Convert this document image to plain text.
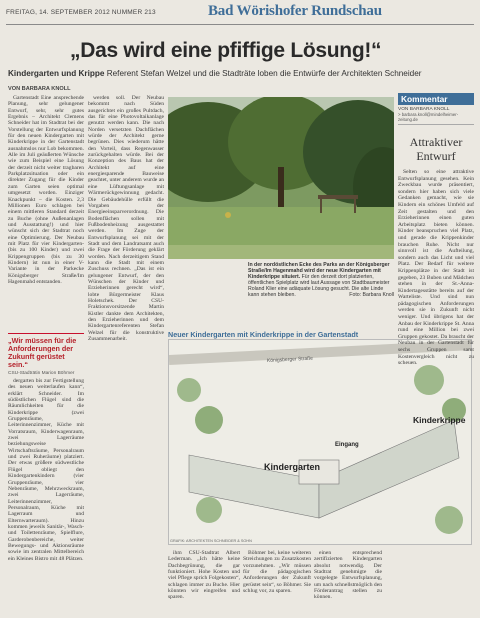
FREITAG, 14. SEPTEMBER 2012 NUMMER 213	Bad Wörishofer Rundschau
„Das wird eine pfiffige Lösung!“
Kindergarten und Krippe Referent Stefan Welzel und die Stadträte loben die Entwürfe der Architekten Schneider
VON BARBARA KNOLL

Gartenstadt Eine ansprechende Planung, sehr gelungener Entwurf, sehr, sehr gutes Ergebnis – Architekt Clemens Schneider hat im Stadtrat bei der Vorstellung der Entwurfsplanung für den neuen Kindergarten mit Kinderkrippe in der Gartenstadt ausnahmslos nur Lob bekommen. Alle im Juli geäußerten Wünsche wie zum Beispiel eine Lösung der derzeit nicht weiter tragbaren Parkplatzsituation oder ein direkter Zugang für die Kinder zum Garten seien optimal umgesetzt worden. Einziger Knackpunkt – die Kosten. 2,3 Millionen Euro schlagen bei einem mittleren Standard derzeit zu Buche (ohne Außenanlagen und Ausstattung!) und hier wünscht sich der Stadtrat noch eine Optimierung. Der Neubau mit Platz für vier Kindergarten- (bis zu 100 Kinder) und zwei Krippengruppen (bis zu 30 Kindern) ist nun in einer V-Variante in der Parkecke Königsberger Straße/Im Hagenmahd entstanden.

„Wir müssen für die Anforderungen der Zukunft gerüstet sein.“
CSU-Stadträtin Marion Böhmer

dergarten bis zur Fertigstellung des neuen weiterlaufen kann“, erklärt Schneider. Im südöstlichen Flügel sind die Räumlichkeiten für die Kinderkrippe (zwei Gruppenräume, Leiterinnenzimmer, Küche mit Vorratsraum, Kinderwagenraum, zwei Lagerräume beziehungsweise Wirtschaftsräume, Personalraum und zwei Ruheräume) platziert. Der etwas größere südwestliche Flügel obliegt den Kindergartenkindern (vier Gruppenräume, vier Nebenräume, Mehrzweckraum, zwei Lagerräume, Leiterinnenzimmer, Personalraum, Küche mit Lagerraum und Elternwarteraum). Hinzu kommen jeweils Sanitär-, Wasch- und Toilettenräume, Spielflure, Garderobenbereiche, weiter Bewegungs- und Aktionsräume sowie im zentralen Mittelbereich ein Kleines Bistro mit 48 Plätzen.

werden soll. Der Neubau bekommt nach Süden ausgerichtet ein großes Pultdach, das für eine Photovoltaikanlage genutzt werden kann. Die nach Norden versetzten Dachflächen würde der Architekt gerne begrünen. Dies wiederum hätte den Vorteil, dass Regenwasser zurückgehalten würde. Bei der Konzeption des Baus hat der Architekt auf eine energiesparende Bauweise geachtet, unter anderem wurde an eine Lüftungsanlage mit Wärmerückgewinnung gedacht. Die Gebäudehülle erfüllt die Vorgaben der Energieeinsparverordnung. Die Bodenflächen sollen mit Fußbodenheizung ausgestattet werden. Im Zuge der Entwurfsplanung sei mit der Stadt und dem Landratsamt auch die Frage der Förderung geklärt worden. Nach derzeitigem Stand kann die Stadt mit einem Zuschuss rechnen. „Das ist ein gelungener Entwurf, der den Wünschen der Kinder und Erzieherinnen gerecht wird“, lobte Bürgermeister Klaus Holetschek. Der CSU-Fraktionsvorsitzende Martin Kistler dankte dem Architekten, den Erzieherinnen und dem Kindergartenreferenten Stefan Welzel für die konstruktive Zusammenarbeit.

In der nordöstlichen Ecke des Parks an der Königsberger Straße/Im Hagenmahd wird der neue Kindergarten mit Kinderkrippe situiert. Für den derzeit dort platzierten, öffentlichen Spielplatz wird laut Aussage von Stadtbaumeister Roland Klier eine adäquate Lösung gesucht. Die alte Linde kann stehen bleiben.	Foto: Barbara Knoll
Neuer Kindergarten mit Kinderkrippe in der Gartenstadt
Königsberger Straße
Kindergarten
Eingang
Kinderkrippe
GRAFIK: ARCHITEKTEN SCHNEIDER & SOHN

ihm CSU-Stadtrat Albert Lederman. „Ich hätte keine Dachbegrünung, die gar funktioniert. Hohe Kosten und viel Pflege sprich Folgekosten“, schlagen immer zu Buche. Hier könnten wir eingreifen und sparen.

Böhmer bei, keine weiteren Streichungen zu Zusatzkosten vorzunehmen. „Wir müssen für die pädagogischen Anforderungen der Zukunft gerüstet sein“, so Böhmer. Sie schlug vor, zu sparen.

einen entsprechend zertifizierten Kindergarten absolut notwendig. Der Stadtrat genehmigte die vorgelegte Entwurfsplanung, um nach schnellstmöglich den Förderantrag stellen zu können.

Kommentar
VON BARBARA KNOLL
> barbara.knoll@mindelheimer-zeitung.de
Attraktiver Entwurf

Selten so eine attraktive Entwurfsplanung gesehen. Kein Zweckbau wurde präsentiert, sondern hier haben sich viele Gedanken gemacht, wie sie Kindern ein schönes Umfeld auf Zeit gestalten und den Erzieherinnen einen guten Arbeitsplatz bieten können. Kinder beanspruchen viel Platz, und gerade die Krippenkinder brauchen Ruhe. Nicht nur sinnvoll ist die Aufteilung, sondern auch das Licht und viel Platz. Der Bedarf für weitere Krippenplätze in der Stadt ist gegeben, 23 Buben und Mädchen stehen in der St.-Anna-Kindertagesstätte bereits auf der Warteliste. Und sind nun pädagogischen Anforderungen werden sie in Zukunft nicht weniger. Und übrigens hat der Anbau der Kinderkrippe St. Anna rund eine Million bei zwei Gruppen gekostet. Da braucht der Neubau in der Gartenstadt für sechs Gruppen samt Kostenvergleich nicht zu scheuen.
